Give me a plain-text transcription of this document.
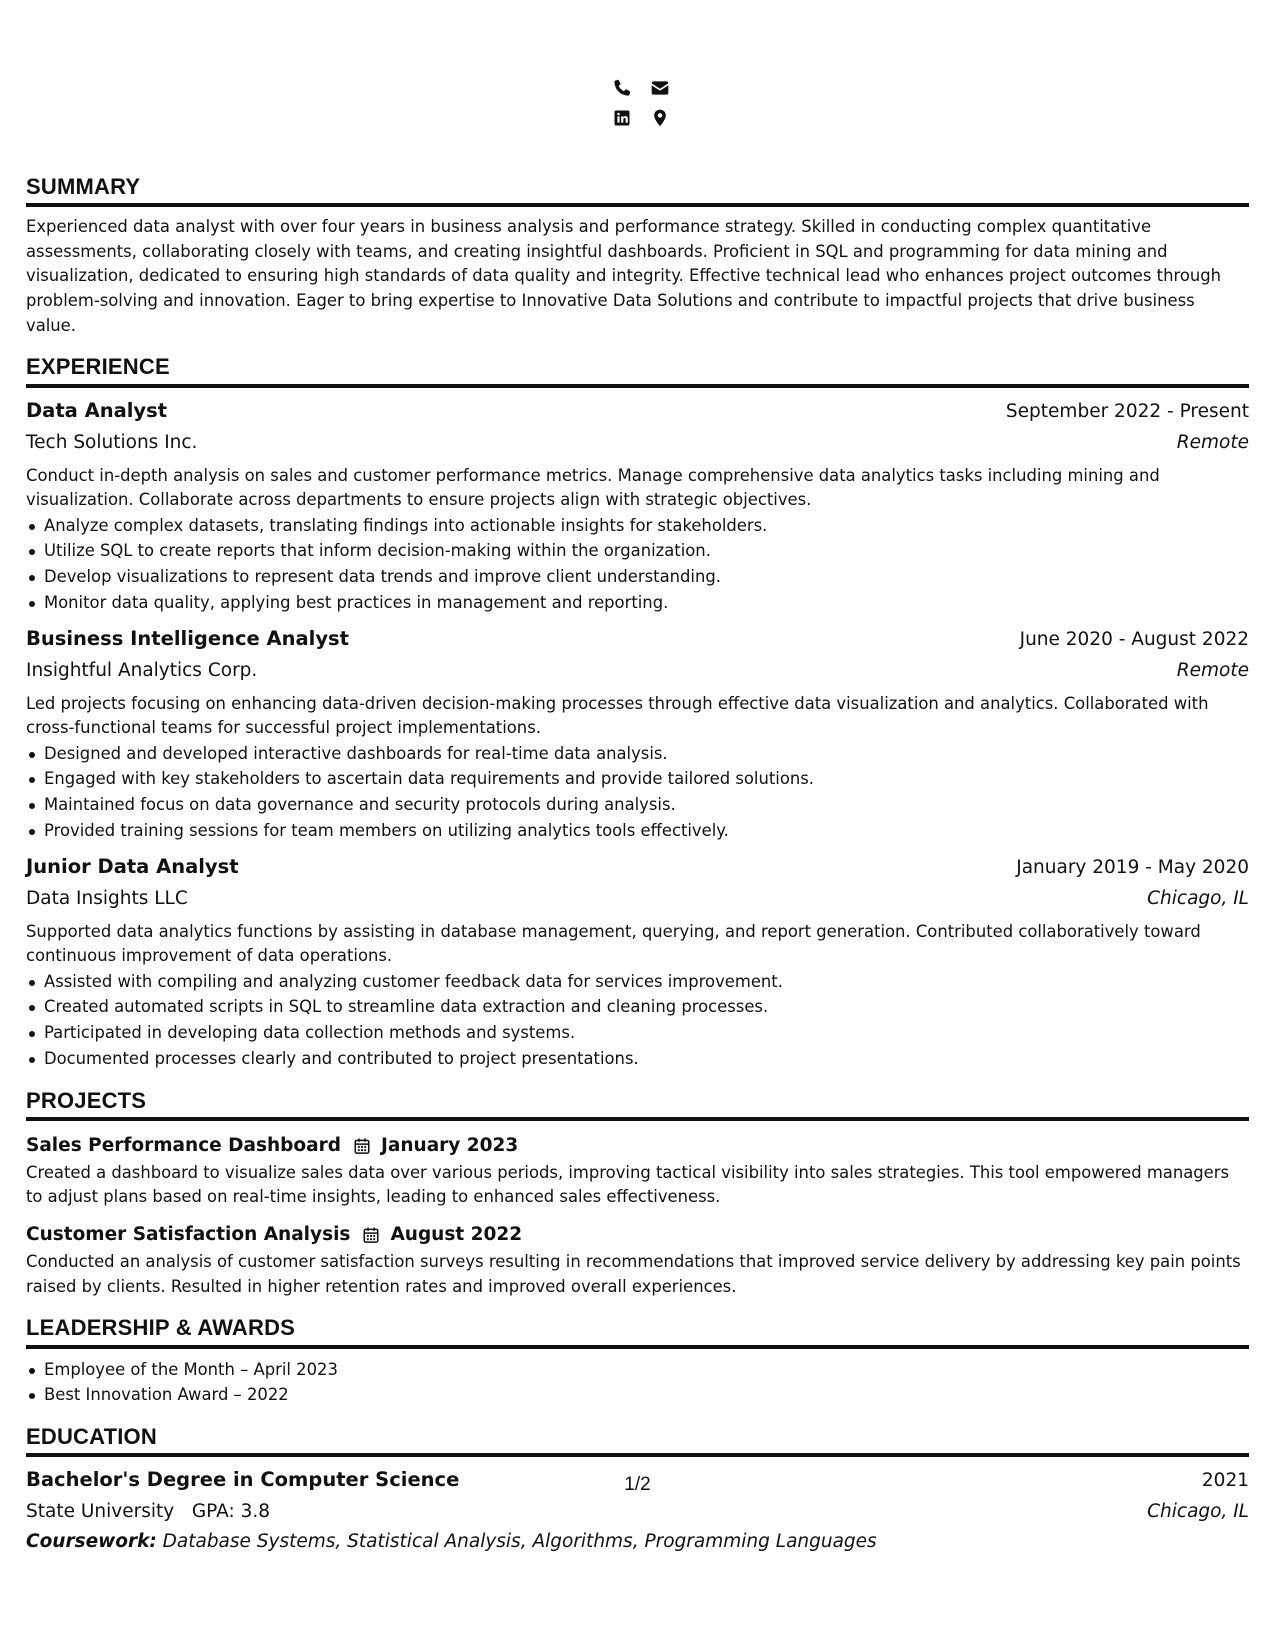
SUMMARY

Experienced data analyst with over four years in business analysis and performance strategy. Skilled in conducting complex quantitative assessments, collaborating closely with teams, and creating insightful dashboards. Proficient in SQL and programming for data mining and visualization, dedicated to ensuring high standards of data quality and integrity. Effective technical lead who enhances project outcomes through problem-solving and innovation. Eager to bring expertise to Innovative Data Solutions and contribute to impactful projects that drive business value.

EXPERIENCE
Data Analyst	September 2022 - Present
Tech Solutions Inc.	Remote

Conduct in-depth analysis on sales and customer performance metrics. Manage comprehensive data analytics tasks including mining and visualization. Collaborate across departments to ensure projects align with strategic objectives.

Analyze complex datasets, translating findings into actionable insights for stakeholders.
Utilize SQL to create reports that inform decision-making within the organization.
Develop visualizations to represent data trends and improve client understanding.
Monitor data quality, applying best practices in management and reporting.
Business Intelligence Analyst	June 2020 - August 2022
Insightful Analytics Corp.	Remote

Led projects focusing on enhancing data-driven decision-making processes through effective data visualization and analytics. Collaborated with cross-functional teams for successful project implementations.

Designed and developed interactive dashboards for real-time data analysis.
Engaged with key stakeholders to ascertain data requirements and provide tailored solutions.
Maintained focus on data governance and security protocols during analysis.
Provided training sessions for team members on utilizing analytics tools effectively.
Junior Data Analyst	January 2019 - May 2020
Data Insights LLC	Chicago, IL

Supported data analytics functions by assisting in database management, querying, and report generation. Contributed collaboratively toward continuous improvement of data operations.

Assisted with compiling and analyzing customer feedback data for services improvement.
Created automated scripts in SQL to streamline data extraction and cleaning processes.
Participated in developing data collection methods and systems.
Documented processes clearly and contributed to project presentations.
PROJECTS
Sales Performance Dashboard January 2023

Created a dashboard to visualize sales data over various periods, improving tactical visibility into sales strategies. This tool empowered managers to adjust plans based on real-time insights, leading to enhanced sales effectiveness.

Customer Satisfaction Analysis August 2022

Conducted an analysis of customer satisfaction surveys resulting in recommendations that improved service delivery by addressing key pain points raised by clients. Resulted in higher retention rates and improved overall experiences.

LEADERSHIP & AWARDS
Employee of the Month – April 2023
Best Innovation Award – 2022
EDUCATION
Bachelor's Degree in Computer Science	2021
State University   GPA: 3.8	Chicago, IL
Coursework: Database Systems, Statistical Analysis, Algorithms, Programming Languages
1/2
